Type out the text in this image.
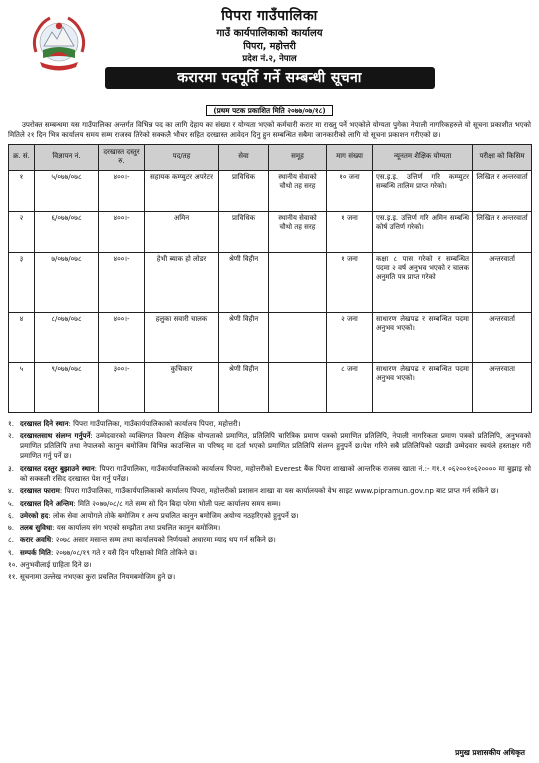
पिपरा गाउँपालिका
गाउँ कार्यपालिकाको कार्यालय
पिपरा, महोत्तरी
प्रदेश नं.२, नेपाल
करारमा पदपूर्ति गर्ने सम्बन्धी सूचना
(प्रथम पटक प्रकाशित मिति २०७७/०७/१८)

उपरोक्त सम्बन्धमा यस गाउँपालिका अन्तर्गत विभिन्न पद का लागि देहाय का संख्या र योग्यता भएको कर्मचारी करार मा राख्नु पर्ने भएकोले योग्यता पुगेका नेपाली नागरिकहरुले यो सूचना प्रकाशीत भएको मितिले २१ दिन भित्र कार्यालय समय सम्म राजस्व तिरेको सक्कलै भौचर सहित दरखास्त आवेदन दिनु हुन सम्बन्धित सबैमा जानकारीको लागि यो सूचना प्रकाशन गरीएको छ।

क्र. सं.	विज्ञापन नं.	दरखास्त दस्तुर रु.	पद/तह	सेवा	समूह	माग संख्या	न्यूनतम शैक्षिक योग्यता	परीक्षा को किसिम
१	५/०७७/०७८	४००।-	सहायक कम्प्युटर अपरेटर	प्राविधिक	स्थानीय सेवाको चौथो तह सरह	१० जना	एस.इ.इ. उत्तिर्ण गरि कम्प्युटर सम्बन्धि तालिम प्राप्त गरेको।	लिखित र अन्तरवार्ता
२	६/०७७/०७८	४००।-	अमिन	प्राविधिक	स्थानीय सेवाको चौथो तह सरह	१ जना	एस.इ.इ. उत्तिर्ण गरि अमिन सम्बन्धि कोर्ष उत्तिर्ण गरेको।	लिखित र अन्तरवार्ता
३	७/०७७/०७८	४००।-	हेभी ब्याक हो लोडर	श्रेणी विहीन		१ जना	कक्षा ८ पास गरेको र सम्बन्धित पदमा २ वर्ष अनुभव भएको र चालक अनुमति पत्र प्राप्त गरेको	अन्तरवार्ता
४	८/०७७/०७८	४००।-	हलुका सवारी चालक	श्रेणी विहीन		२ जना	साधारण लेखपढ र सम्बन्धित पदमा अनुभव भएको।	अन्तरवार्ता
५	९/०७७/०७८	३००।-	कुचिकार	श्रेणी विहीन		८ जना	साधारण लेखपढ र सम्बन्धित पदमा अनुभव भएको।	अन्तरवाता
१. दरखास्त दिने स्थान: पिपरा गाउँपालिका, गाउँकार्यपालिकाको कार्यालय पिपरा, महोत्तरी।
२. दरखास्तसाथ संलग्न गर्नुपर्ने: उम्मेदवारको व्यक्तिगत विवरण शैक्षिक योग्यताको प्रमाणित, प्रतिलिपि चारित्रिक प्रमाण पत्रको प्रमाणित प्रतिलिपि, नेपाली नागरिकता प्रमाण पत्रको प्रतिलिपि, अनुभवको प्रमाणित प्रतिलिपि तथा नेपालको कानुन बमोजिम विभिन्न काउन्सिल वा परिषद् मा दर्ता भएको प्रमाणित प्रतिलिपि संलग्न हुनुपर्ने छ।पेश गरिने सबै प्रतिलिपिको पछाडी उम्मेदवार स्वयंले हस्ताक्षर गरी प्रमाणित गर्नु पर्ने छ।
३. दरखास्त दस्तुर बुझाउने स्थान: पिपरा गाउँपालिका, गाउँकार्यपालिकाको कार्यालय पिपरा, महोत्तरीको Everest बैंक पिपरा शाखाको आन्तरिक राजस्व खाता नं.:- ग१.१ ०६२००१०६२०००० मा बुझाइ सो को सक्कली रसिद दरखास्त पेश गर्नु पर्नेछ।
४. दरखास्त फाराम: पिपरा गाउँपालिका, गाउँकार्यपालिकाको कार्यालय पिपरा, महोत्तरीको प्रशासन शाखा वा यस कार्यालयको वेभ साइट www.pipramun.gov.np बाट प्राप्त गर्न सकिने छ।
५. दरखास्त दिने अन्तिम: मिति २०७७/०८/८ गते सम्म सो दिन बिदा परेमा भोली पल्ट कार्यालय समय सम्म।
६. उमेरको हद: लोक सेवा आयोगले तोके बमोजिम र अन्य प्रचलित कानुन बमोजिम अयोग्य नठहरिएको हुनुपर्ने छ।
७. तलब सुविधा: यस कार्यालय संग भएको सम्झौता तथा प्रचलित कानुन बमोजिम।
८. करार अवधि: २०७८ असार मसान्त सम्म तथा कार्यालयको निर्णयको अधारमा म्याद थप गर्न सकिने छ।
९. सम्पर्क मिति: २०७७/०८/१९ गते र यसै दिन परिक्षाको मिति तोकिने छ।
१०. अनुभवीलाई ग्राहिता दिने छ।
११. सूचनामा उल्लेख नभएका कुरा प्रचलित नियमबमोजिम हुने छ।
प्रमुख प्रशासकीय अधिकृत
